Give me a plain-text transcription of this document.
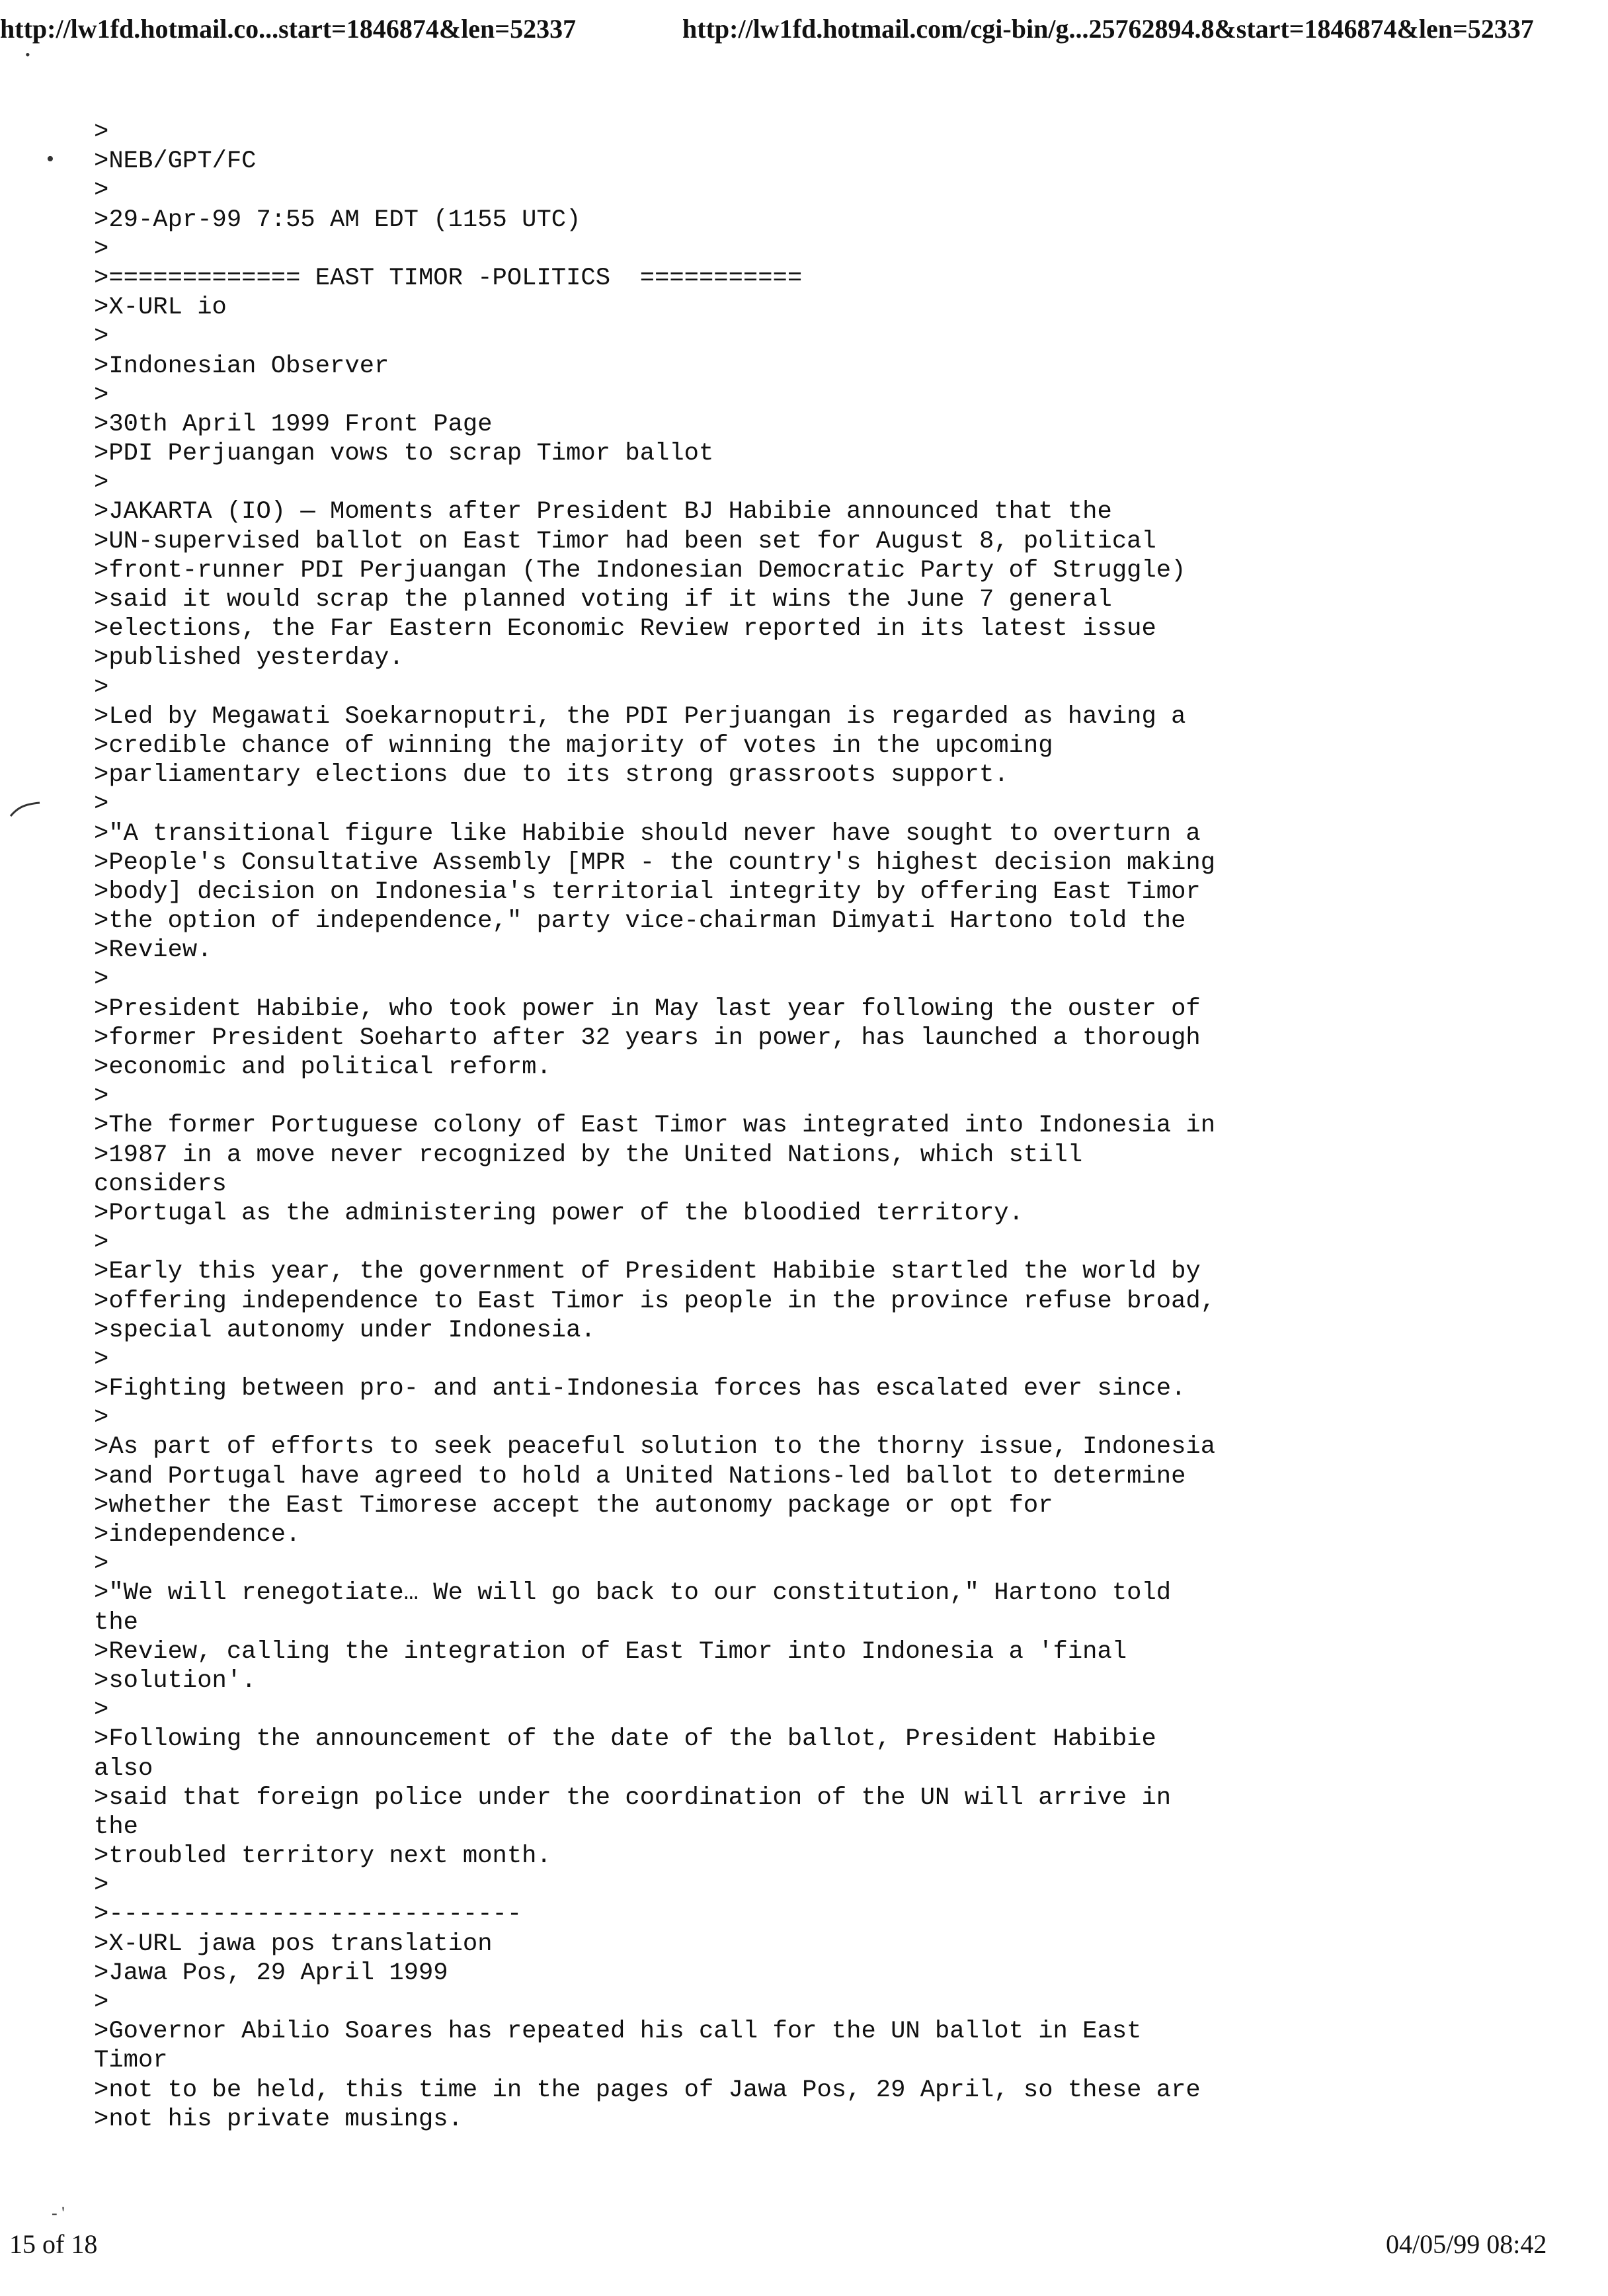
http://lw1fd.hotmail.co...start=1846874&len=52337	http://lw1fd.hotmail.com/cgi-bin/g...25762894.8&start=1846874&len=52337
•
•
- '
>
>NEB/GPT/FC
>
>29-Apr-99 7:55 AM EDT (1155 UTC)
>
>============= EAST TIMOR -POLITICS  ===========
>X-URL io
>
>Indonesian Observer
>
>30th April 1999 Front Page
>PDI Perjuangan vows to scrap Timor ballot
>
>JAKARTA (IO) — Moments after President BJ Habibie announced that the
>UN-supervised ballot on East Timor had been set for August 8, political
>front-runner PDI Perjuangan (The Indonesian Democratic Party of Struggle)
>said it would scrap the planned voting if it wins the June 7 general
>elections, the Far Eastern Economic Review reported in its latest issue
>published yesterday.
>
>Led by Megawati Soekarnoputri, the PDI Perjuangan is regarded as having a
>credible chance of winning the majority of votes in the upcoming
>parliamentary elections due to its strong grassroots support.
>
>"A transitional figure like Habibie should never have sought to overturn a
>People's Consultative Assembly [MPR - the country's highest decision making
>body] decision on Indonesia's territorial integrity by offering East Timor
>the option of independence," party vice-chairman Dimyati Hartono told the
>Review.
>
>President Habibie, who took power in May last year following the ouster of
>former President Soeharto after 32 years in power, has launched a thorough
>economic and political reform.
>
>The former Portuguese colony of East Timor was integrated into Indonesia in
>1987 in a move never recognized by the United Nations, which still
considers
>Portugal as the administering power of the bloodied territory.
>
>Early this year, the government of President Habibie startled the world by
>offering independence to East Timor is people in the province refuse broad,
>special autonomy under Indonesia.
>
>Fighting between pro- and anti-Indonesia forces has escalated ever since.
>
>As part of efforts to seek peaceful solution to the thorny issue, Indonesia
>and Portugal have agreed to hold a United Nations-led ballot to determine
>whether the East Timorese accept the autonomy package or opt for
>independence.
>
>"We will renegotiate… We will go back to our constitution," Hartono told
the
>Review, calling the integration of East Timor into Indonesia a 'final
>solution'.
>
>Following the announcement of the date of the ballot, President Habibie
also
>said that foreign police under the coordination of the UN will arrive in
the
>troubled territory next month.
>
>----------------------------
>X-URL jawa pos translation
>Jawa Pos, 29 April 1999
>
>Governor Abilio Soares has repeated his call for the UN ballot in East
Timor
>not to be held, this time in the pages of Jawa Pos, 29 April, so these are
>not his private musings.
15 of 18	04/05/99 08:42
